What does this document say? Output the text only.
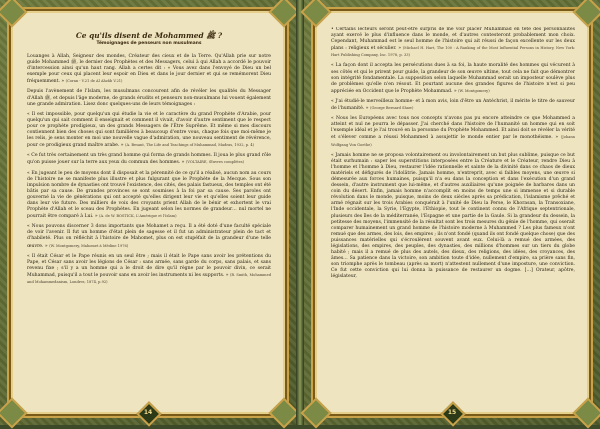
Ce qu'ils disent de Mohammed ﷺ ?
Témoignages de penseurs non musulmans

Louanges à Allah, Seigneur des mondes, Créateur des cieux et de la Terre. Qu'Allah prie sur notre guide Mohammed ﷺ, le dernier des Prophètes et des Messagers, celui à qui Allah a accordé le pouvoir d'intercession ainsi qu'un haut rang. Allah a certes dit : « Vous avez dans l'envoyé de Dieu un bel exemple pour ceux qui placent leur espoir en Dieu et dans le jour dernier et qui se remémorent Dieu fréquemment. » (Coran - V.21 de Al Ahzâb V.21)

Depuis l'avènement de l'Islam, les musulmans concourent afin de révéler les qualités du Messager d'Allah ﷺ, et depuis l'âge moderne, de grands érudits et penseurs non-musulmans lui vouent également une grande admiration. Lisez donc quelques-uns de leurs témoignages :

« Il est impossible, pour quelqu'un qui étudie la vie et le caractère du grand Prophète d'Arabie, pour quelqu'un qui sait comment il enseignait et comment il vivait, d'avoir d'autre sentiment que le respect pour ce prophète prodigieux, un des grands Messagers de l'Être Suprême. Et même si mes discours contiennent bien des choses qui sont familières à beaucoup d'entre vous, chaque fois que moi-même je les relis, je sens monter en moi une nouvelle vague d'admiration, une nouveau sentiment de révérence, pour ce prodigieux grand maître arabe. » (A. Besant, The Life and Teachings of Muhammad, Madras, 1932, p. 4)

« Ce fut très certainement un très grand homme qui forma de grands hommes. Il joua le plus grand rôle qu'on puisse jouer sur la terre aux yeux du commun des hommes. » (VOLTAIRE, Œuvres complètes)

« En jugeant le peu de moyens dont il disposait et la pérennité de ce qu'il a réalisé, aucun nom au cours de l'histoire ne se manifeste plus illustre et plus fulgurant que le Prophète de la Mecque. Sous son impulsion nombre de dynasties ont trouvé l'existence, des cités, des palais fastueux, des temples ont été bâtis par sa cause. De grandes provinces se sont soumises à la foi par sa cause. Ses paroles ont gouverné la vie de générations qui ont accepté qu'elles dirigent leur vie et qu'elles soient leur guide dans leur vie future. Des milliers de voix des croyants prient Allah de le bénir et exhortent le vrai Prophète d'Allah et le sceau des Prophètes. En jugeant selon les normes de grandeur… nul mortel ne pourrait être comparé à Lui. » (A. de W. BOSTICK, L'Amérique et l'Islam)

« Nous pouvons discerner 3 dons importants que Mohamet a reçu. Il a été doté d'une faculté spéciale de voir l'avenir. Il fut un homme d'état plein de sagesse et il fut un administrateur plein de tact et d'habileté. Plus on réfléchit à l'histoire de Mahomet, plus on est stupéfait de la grandeur d'une telle œuvre. » (W. Montgomery, Mahomet à Médine 1976)

« Il était César et le Pape réunis en un seul être ; mais il était le Pape sans avoir les prétentions du Pape, et César sans avoir les légions de César : sans armée, sans garde du corps, sans palais, et sans revenu fixe ; s'il y a un homme qui a le droit de dire qu'il règne par le pouvoir divin, ce serait Muhammad, puisqu'il a tout le pouvoir sans en avoir les instruments ni les supports. » (R. Smith, Mohammed and Mohammedanism, Londres, 1874, p.92)

14

• Certains lecteurs seront peut-être surpris de me voir placer Muhammad en tête des personnalités ayant exercé le plus d'influence dans le monde, et d'autres contesteront probablement mon choix. Cependant, Muhammad est le seul homme de l'histoire qui ait réussi de façon excellente sur les deux plans : religieux et séculier. » (Michael H. Hart, The 100 : A Ranking of the Most Influential Persons in History, New York: Hart Publishing Company, Inc. 1978, p. 33)

« La façon dont il accepta les persécutions dues à sa foi, la haute moralité des hommes qui vécurent à ses côtés et qui le prirent pour guide, la grandeur de son œuvre ultime, tout cela ne fait que démontrer son intégrité fondamentale. La supposition selon laquelle Muhammad serait un imposteur soulève plus de problèmes qu'elle n'en résout. Et pourtant aucune des grandes figures de l'histoire n'est si peu appréciée en Occident que le Prophète Mohammad. » (W. Montgomery)

« J'ai étudié-le merveilleux homme- et à mon avis, loin d'être un Antéchrist, il mérite le titre de sauveur de l'humanité. » (George Bernard Shaw)

« Nous les Européens avec tous nos concepts n'avons pas pu encore atteindre ce que Mohammed a atteint et nul ne pourra le dépasser. J'ai cherché dans l'histoire de l'humanité un homme qui en soit l'exemple idéal et je l'ai trouvé en la personne du Prophète Mohammed. Et ainsi doit se révéler la vérité et s'élever comme a réussi Mohammed à assujettir le monde entier par le monothéisme. » (Johann Wolfgang Von Goethe)

« Jamais homme ne se proposa volontairement ou involontairement un but plus sublime, puisque ce but était surhumain : saper les superstitions interposées entre la Créature et le Créateur, rendre Dieu à l'homme et l'homme à Dieu, restaurer l'idée rationnelle et sainte de la divinité dans ce chaos de dieux matériels et défigurés de l'idolâtrie. Jamais homme, n'entreprit, avec si faibles moyens, une œuvre si démesurée aux forces humaines, puisqu'il n'a eu dans la conception et dans l'exécution d'un grand dessein, d'autre instrument que lui-même, et d'autres auxiliaires qu'une poignée de barbares dans un coin du désert. Enfin, jamais homme n'accomplit en moins de temps une si immense et si durable révolution dans le monde, puisque, moins de deux siècles après sa prédication, l'islamisme prêché et armé régnait sur les trois Arabies conquérait à l'unité de Dieu la Perse, le Khorasan, la Transoxiane, l'Inde occidentale, la Syrie, l'Egypte, l'Ethiopie, tout le continent connu de l'Afrique septentrionale, plusieurs des îles de la méditerranée, l'Espagne et une partie de la Gaule. Si la grandeur du dessein, la petitesse des moyens, l'immensité de la résultat sont les trois mesures du génie de l'homme, qui oserait comparer humainement un grand homme de l'histoire moderne à Muhammed ? Les plus fameux n'ont remué que des armes, des lois, des empires ; ils n'ont fondé (quand ils ont fondé quelque chose) que des puissances matérielles qui s'écroulèrent souvent avant eux. Celui-là a remué des armées, des législations, des empires, des peuples, des dynasties, des millions d'hommes sur un tiers du globe habité ; mais il a remué de plus des autels, des dieux, des religions, des idées, des croyances, des âmes… Sa patience dans la victoire, son ambition toute d'idée, nullement d'empire, sa prière sans fin, son triomphe après le tombeau (après sa mort) n'attestent nullement d'une imposture, une conviction. Ce fut cette conviction qui lui donna la puissance de restaurer un dogme. […] Orateur, apôtre, législateur,

15
